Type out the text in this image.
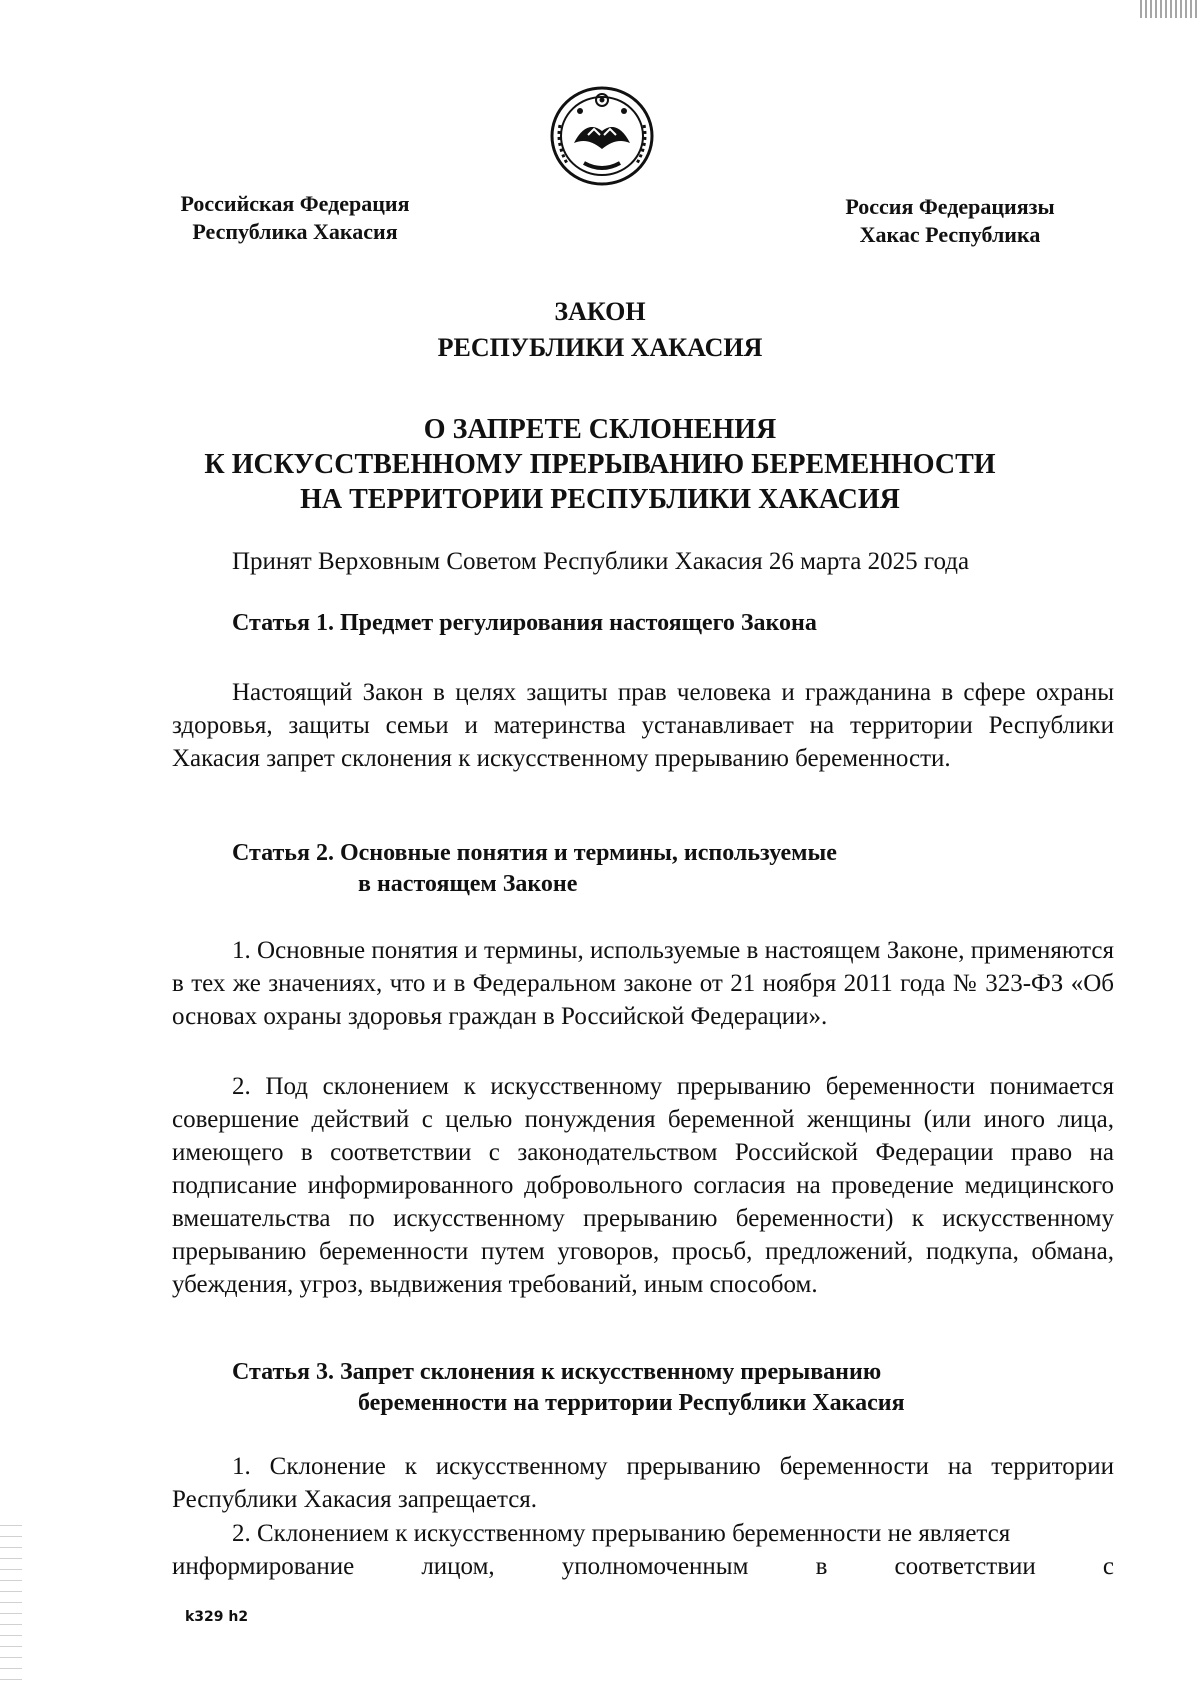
Российская Федерация
Республика Хакасия
Россия Федерациязы
Хакас Республика
ЗАКОН
РЕСПУБЛИКИ ХАКАСИЯ
О ЗАПРЕТЕ СКЛОНЕНИЯ
К ИСКУССТВЕННОМУ ПРЕРЫВАНИЮ БЕРЕМЕННОСТИ
НА ТЕРРИТОРИИ РЕСПУБЛИКИ ХАКАСИЯ
Принят Верховным Советом Республики Хакасия 26 марта 2025 года
Статья 1. Предмет регулирования настоящего Закона

Настоящий Закон в целях защиты прав человека и гражданина в сфере охраны здоровья, защиты семьи и материнства устанавливает на территории Республики Хакасия запрет склонения к искусственному прерыванию беременности.

Статья 2. Основные понятия и термины, используемые
в настоящем Законе

1. Основные понятия и термины, используемые в настоящем Законе, применяются в тех же значениях, что и в Федеральном законе от 21 ноября 2011 года № 323-ФЗ «Об основах охраны здоровья граждан в Российской Федерации».

2. Под склонением к искусственному прерыванию беременности понимается совершение действий с целью понуждения беременной женщины (или иного лица, имеющего в соответствии с законодательством Российской Федерации право на подписание информированного добровольного согласия на проведение медицинского вмешательства по искусственному прерыванию беременности) к искусственному прерыванию беременности путем уговоров, просьб, предложений, подкупа, обмана, убеждения, угроз, выдвижения требований, иным способом.

Статья 3. Запрет склонения к искусственному прерыванию
беременности на территории Республики Хакасия

1. Склонение к искусственному прерыванию беременности на территории Республики Хакасия запрещается.

2. Склонением к искусственному прерыванию беременности не является
информирование	лицом,	уполномоченным	в	соответствии	с
k329 h2
